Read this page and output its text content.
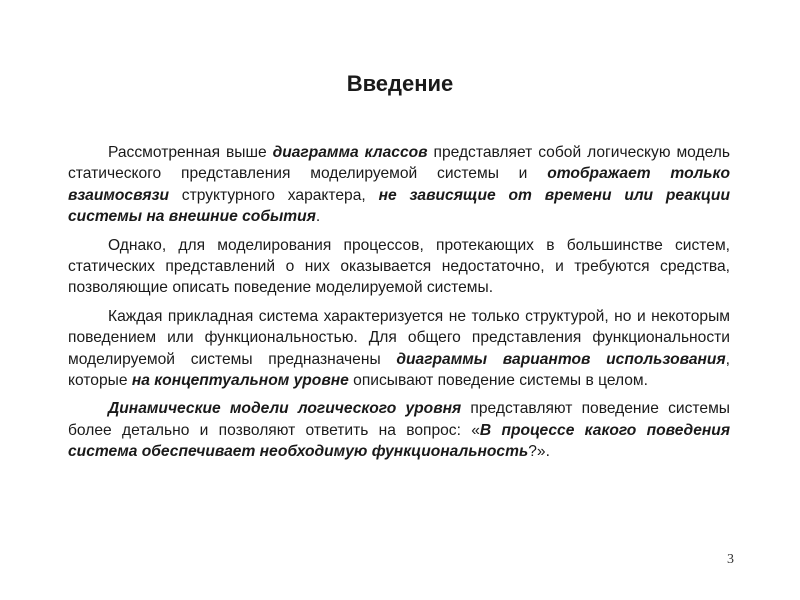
Введение

Рассмотренная выше диаграмма классов представляет собой логическую модель статического представления моделируемой системы и отображает только взаимосвязи структурного характера, не зависящие от времени или реакции системы на внешние события.

Однако, для моделирования процессов, протекающих в большинстве систем, статических представлений о них оказывается недостаточно, и требуются средства, позволяющие описать поведение моделируемой системы.

Каждая прикладная система характеризуется не только структурой, но и некоторым поведением или функциональностью. Для общего представления функциональности моделируемой системы предназначены диаграммы вариантов использования, которые на концептуальном уровне описывают поведение системы в целом.

Динамические модели логического уровня представляют поведение системы более детально и позволяют ответить на вопрос: «В процессе какого поведения система обеспечивает необходимую функциональность?».

3
